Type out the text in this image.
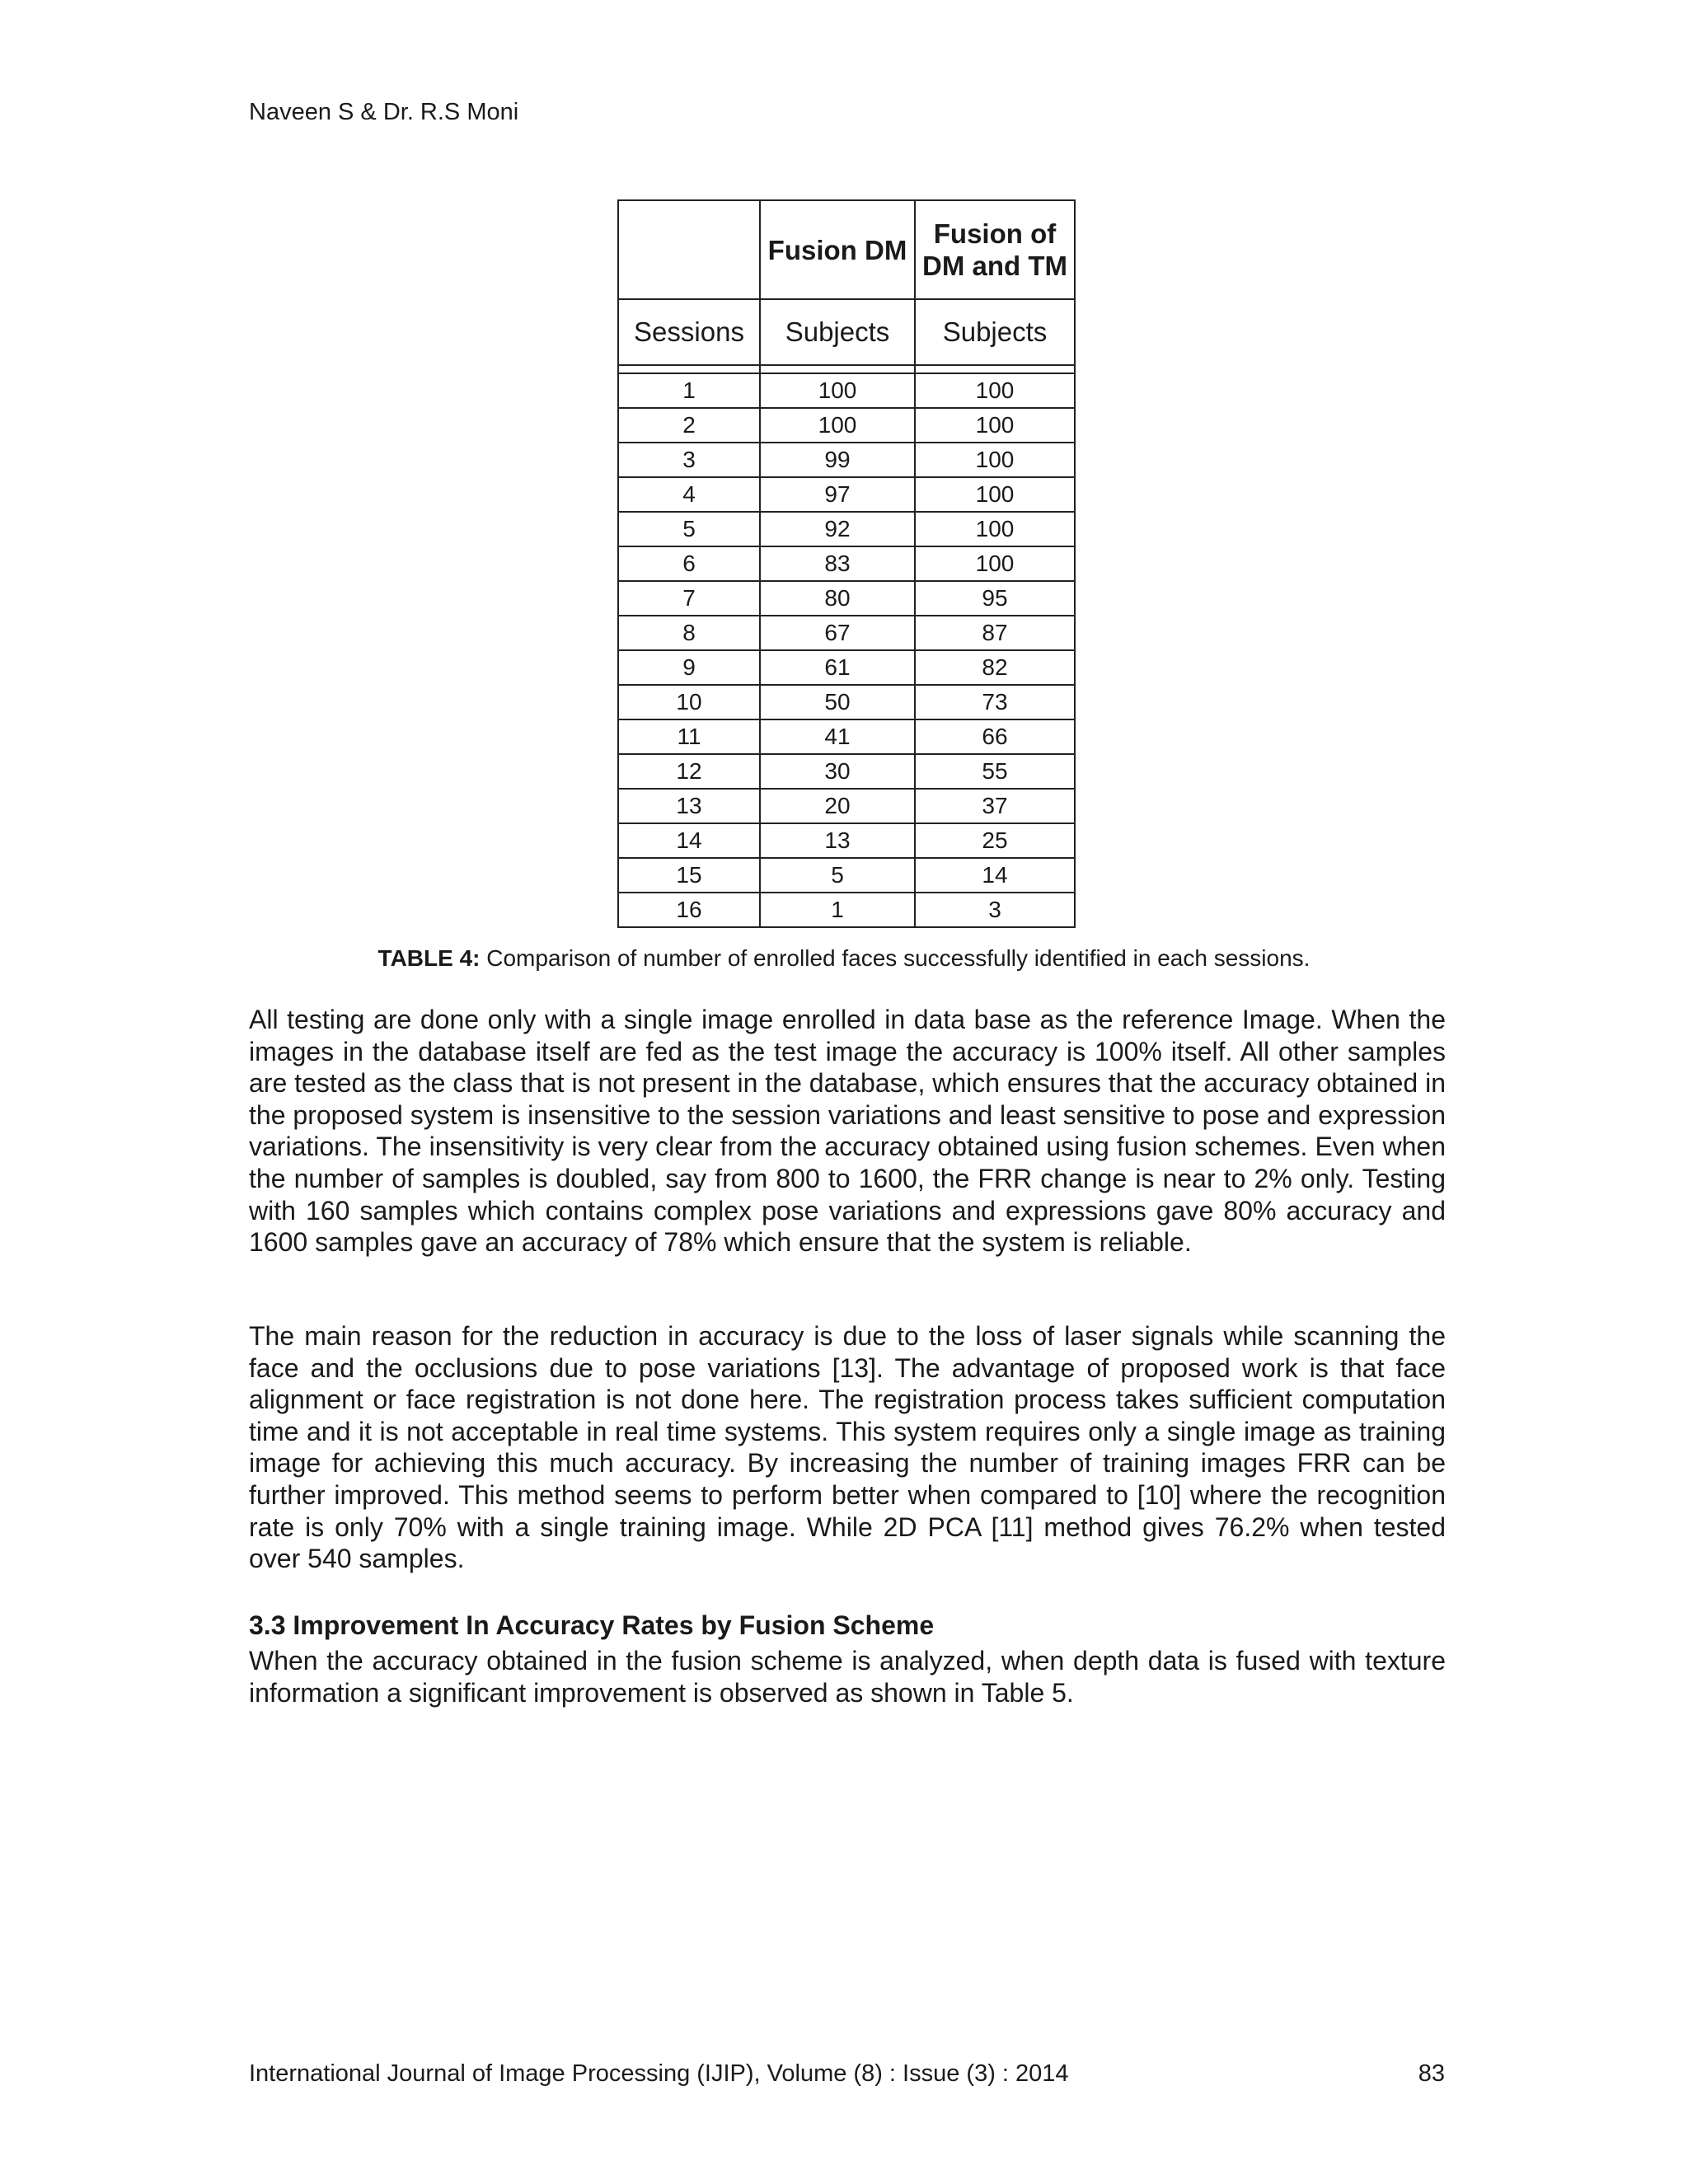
Naveen S & Dr. R.S Moni
	Fusion DM	Fusion of DM and TM
Sessions	Subjects	Subjects

1	100	100
2	100	100
3	99	100
4	97	100
5	92	100
6	83	100
7	80	95
8	67	87
9	61	82
10	50	73
11	41	66
12	30	55
13	20	37
14	13	25
15	5	14
16	1	3
TABLE 4: Comparison of number of enrolled faces successfully identified in each sessions.
All testing are done only with a single image enrolled in data base as the reference Image. When the images in the database itself are fed as the test image the accuracy is 100% itself. All other samples are tested as the class that is not present in the database, which ensures that the accuracy obtained in the proposed system is insensitive to the session variations and least sensitive to pose and expression variations. The insensitivity is very clear from the accuracy obtained using fusion schemes. Even when the number of samples is doubled, say from 800 to 1600, the FRR change is near to 2% only. Testing with 160 samples which contains complex pose variations and expressions gave 80% accuracy and 1600 samples gave an accuracy of 78% which ensure that the system is reliable.
The main reason for the reduction in accuracy is due to the loss of laser signals while scanning the face and the occlusions due to pose variations [13]. The advantage of proposed work is that face alignment or face registration is not done here. The registration process takes sufficient computation time and it is not acceptable in real time systems. This system requires only a single image as training image for achieving this much accuracy. By increasing the number of training images FRR can be further improved. This method seems to perform better when compared to [10] where the recognition rate is only 70% with a single training image. While 2D PCA [11] method gives 76.2% when tested over 540 samples.
3.3 Improvement In Accuracy Rates by Fusion Scheme
When the accuracy obtained in the fusion scheme is analyzed, when depth data is fused with texture information a significant improvement is observed as shown in Table 5.
International Journal of Image Processing (IJIP), Volume (8) : Issue (3) : 2014	83
